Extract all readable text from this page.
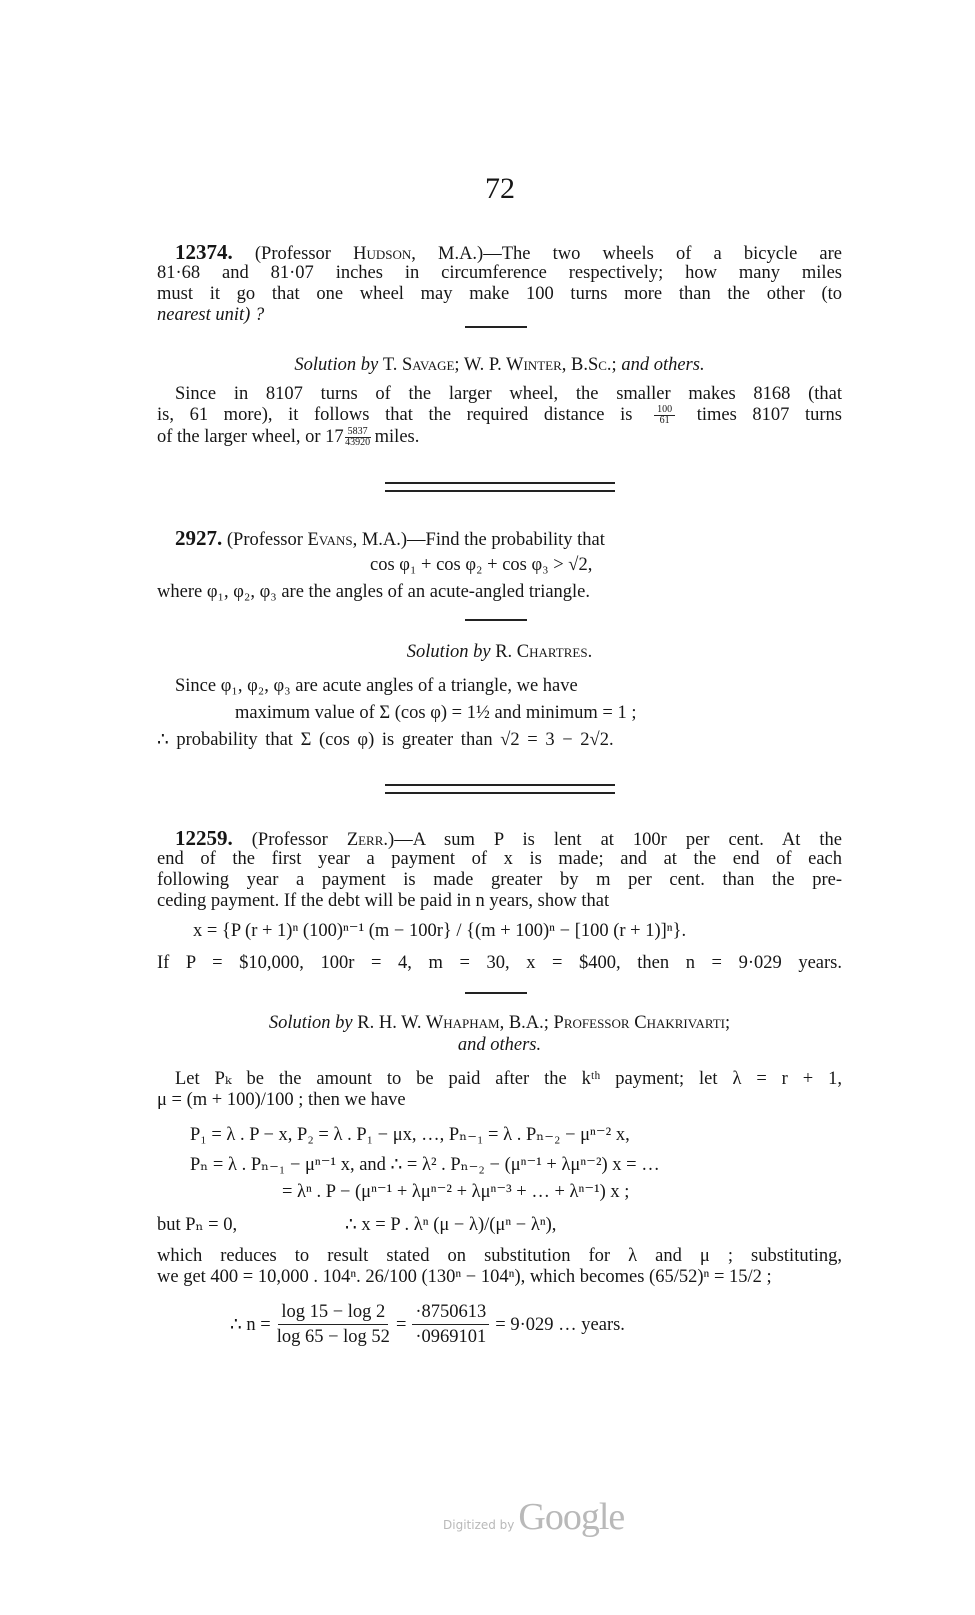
72
12374. (Professor Hudson, M.A.)—The two wheels of a bicycle are
81·68 and 81·07 inches in circumference respectively; how many miles
must it go that one wheel may make 100 turns more than the other (to
nearest unit) ?
Solution by T. Savage; W. P. Winter, B.Sc.; and others.
Since in 8107 turns of the larger wheel, the smaller makes 8168 (that
is, 61 more), it follows that the required distance is $\frac{100}{61}$ times 8107 turns
of the larger wheel, or $17 \frac{5837}{43920}$ miles.
2927. (Professor Evans, M.A.)—Find the probability that
cos φ₁ + cos φ₂ + cos φ₃ > √2,
where φ₁, φ₂, φ₃ are the angles of an acute-angled triangle.
Solution by R. Chartres.
Since φ₁, φ₂, φ₃ are acute angles of a triangle, we have
maximum value of Σ (cos φ) = 1½ and minimum = 1 ;
∴ probability that Σ (cos φ) is greater than √2 = 3 − 2√2.
12259. (Professor Zerr.)—A sum P is lent at 100r per cent. At the
end of the first year a payment of x is made; and at the end of each
following year a payment is made greater by m per cent. than the pre-
ceding payment. If the debt will be paid in n years, show that
x = {P (r + 1)ⁿ (100)ⁿ⁻¹ (m − 100r} / {(m + 100)ⁿ − [100 (r + 1)]ⁿ}.
If P = $10,000, 100r = 4, m = 30, x = $400, then n = 9·029 years.
Solution by R. H. W. Whapham, B.A.; Professor Chakrivarti;
and others.
Let Pₖ be the amount to be paid after the kᵗʰ payment; let λ = r + 1,
μ = (m + 100)/100 ; then we have
P₁ = λ . P − x, P₂ = λ . P₁ − μx, …, Pₙ₋₁ = λ . Pₙ₋₂ − μⁿ⁻² x,
Pₙ = λ . Pₙ₋₁ − μⁿ⁻¹ x, and ∴ = λ² . Pₙ₋₂ − (μⁿ⁻¹ + λμⁿ⁻²) x = …
= λⁿ . P − (μⁿ⁻¹ + λμⁿ⁻² + λμⁿ⁻³ + … + λⁿ⁻¹) x ;
but Pₙ = 0,	∴ x = P . λⁿ (μ − λ)/(μⁿ − λⁿ),
which reduces to result stated on substitution for λ and μ ; substituting,
we get 400 = 10,000 . 104ⁿ. 26/100 (130ⁿ − 104ⁿ), which becomes (65/52)ⁿ = 15/2 ;
∴ $n = \frac{\log 15 - \log 2}{\log 65 - \log 52} = \frac{\cdot 8750613}{\cdot 0969101} = 9\cdot 029$ … years.
Digitized by Google
